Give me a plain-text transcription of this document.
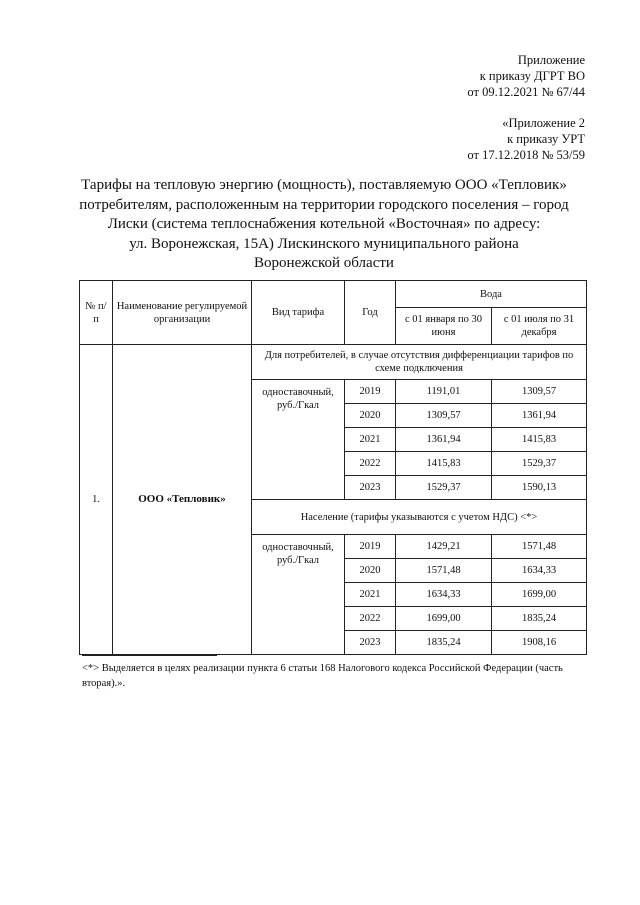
Приложение
к приказу ДГРТ ВО
от 09.12.2021 № 67/44
«Приложение 2
к приказу УРТ
от 17.12.2018 № 53/59
Тарифы на тепловую энергию (мощность), поставляемую ООО «Тепловик»
потребителям, расположенным на территории городского поселения – город
Лиски (система теплоснабжения котельной «Восточная» по адресу:
ул. Воронежская, 15А) Лискинского муниципального района
Воронежской области
№ п/п	Наименование регулируемой организации	Вид тарифа	Год	Вода	
				с 01 января по 30 июня	с 01 июля по 31 декабря
1.	ООО «Тепловик»	Для потребителей, в случае отсутствия дифференциации тарифов по схеме подключения			
		одноставочный, руб./Гкал	2019	1191,01	1309,57
			2020	1309,57	1361,94
			2021	1361,94	1415,83
			2022	1415,83	1529,37
			2023	1529,37	1590,13
		Население (тарифы указываются с учетом НДС) <*>			
		одноставочный, руб./Гкал	2019	1429,21	1571,48
			2020	1571,48	1634,33
			2021	1634,33	1699,00
			2022	1699,00	1835,24
			2023	1835,24	1908,16
<*> Выделяется в целях реализации пункта 6 статьи 168 Налогового кодекса Российской Федерации (часть вторая).».
